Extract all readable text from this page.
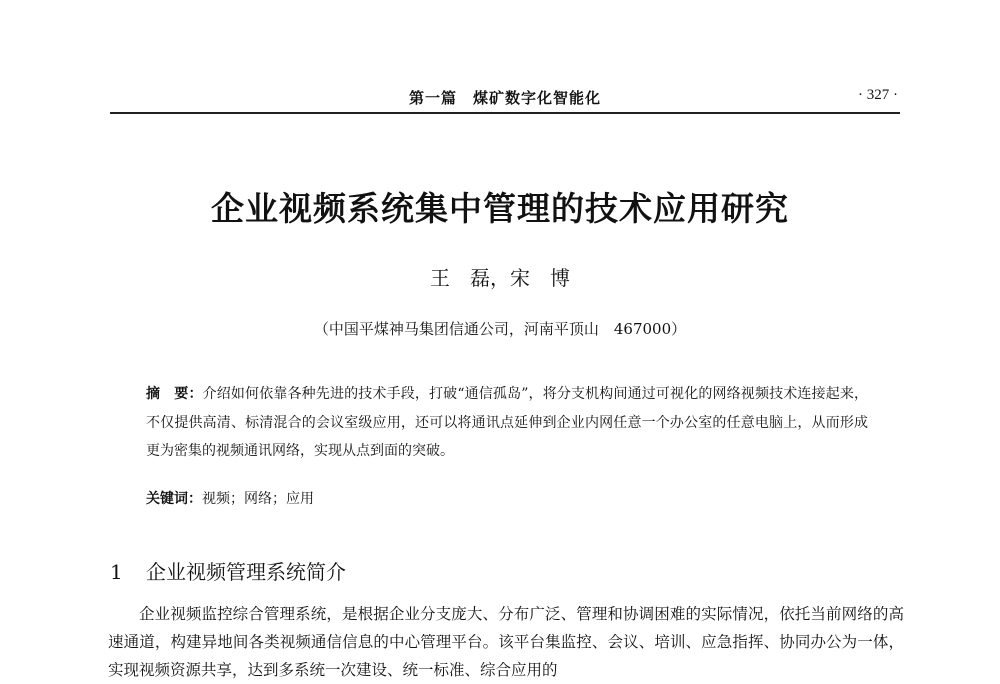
第一篇　煤矿数字化智能化	· 327 ·
企业视频系统集中管理的技术应用研究
王　磊，宋　博
（中国平煤神马集团信通公司，河南平顶山　467000）
摘　要：介绍如何依靠各种先进的技术手段，打破“通信孤岛”，将分支机构间通过可视化的网络视频技术连接起来，不仅提供高清、标清混合的会议室级应用，还可以将通讯点延伸到企业内网任意一个办公室的任意电脑上，从而形成更为密集的视频通讯网络，实现从点到面的突破。
关键词：视频；网络；应用
1 企业视频管理系统简介
企业视频监控综合管理系统，是根据企业分支庞大、分布广泛、管理和协调困难的实际情况，依托当前网络的高速通道，构建异地间各类视频通信信息的中心管理平台。该平台集监控、会议、培训、应急指挥、协同办公为一体，实现视频资源共享，达到多系统一次建设、统一标准、综合应用的
